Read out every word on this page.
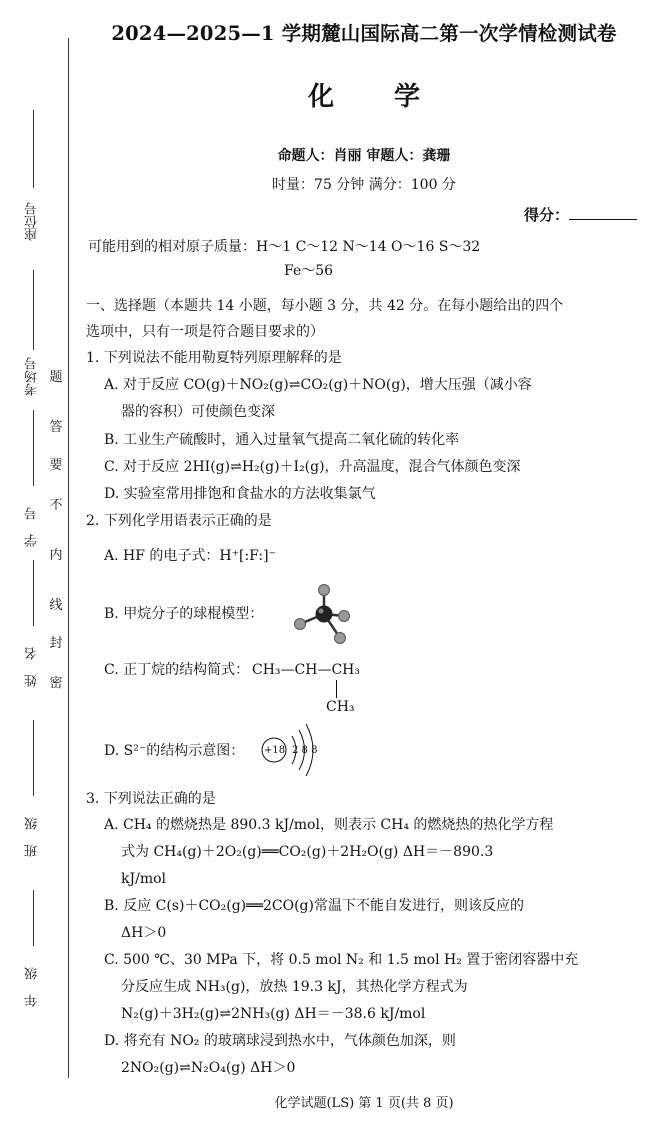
座位号
考场号
学号
姓名
班级
年级
题
答
要
不
内
线
封
密
2024—2025—1 学期麓山国际高二第一次学情检测试卷
化学
命题人：肖丽 审题人：龚珊
时量：75 分钟 满分：100 分
得分：
可能用到的相对原子质量：H～1 C～12 N～14 O～16 S～32
Fe～56
一、选择题（本题共 14 小题，每小题 3 分，共 42 分。在每小题给出的四个
选项中，只有一项是符合题目要求的）
1. 下列说法不能用勒夏特列原理解释的是
A. 对于反应 CO(g)＋NO₂(g)⇌CO₂(g)＋NO(g)，增大压强（减小容
器的容积）可使颜色变深
B. 工业生产硫酸时，通入过量氧气提高二氧化硫的转化率
C. 对于反应 2HI(g)⇌H₂(g)＋I₂(g)，升高温度，混合气体颜色变深
D. 实验室常用排饱和食盐水的方法收集氯气
2. 下列化学用语表示正确的是
A. HF 的电子式：H⁺[:F:]⁻
B. 甲烷分子的球棍模型：
C. 正丁烷的结构简式： CH₃—CH—CH₃
CH₃
D. S²⁻的结构示意图： +18 2 8 8
3. 下列说法正确的是
A. CH₄ 的燃烧热是 890.3 kJ/mol，则表示 CH₄ 的燃烧热的热化学方程
式为 CH₄(g)＋2O₂(g)══CO₂(g)＋2H₂O(g) ΔH＝－890.3
kJ/mol
B. 反应 C(s)＋CO₂(g)══2CO(g)常温下不能自发进行，则该反应的
ΔH＞0
C. 500 ℃、30 MPa 下，将 0.5 mol N₂ 和 1.5 mol H₂ 置于密闭容器中充
分反应生成 NH₃(g)，放热 19.3 kJ，其热化学方程式为
N₂(g)＋3H₂(g)⇌2NH₃(g) ΔH＝－38.6 kJ/mol
D. 将充有 NO₂ 的玻璃球浸到热水中，气体颜色加深，则
2NO₂(g)⇌N₂O₄(g) ΔH＞0
化学试题(LS) 第 1 页(共 8 页)
